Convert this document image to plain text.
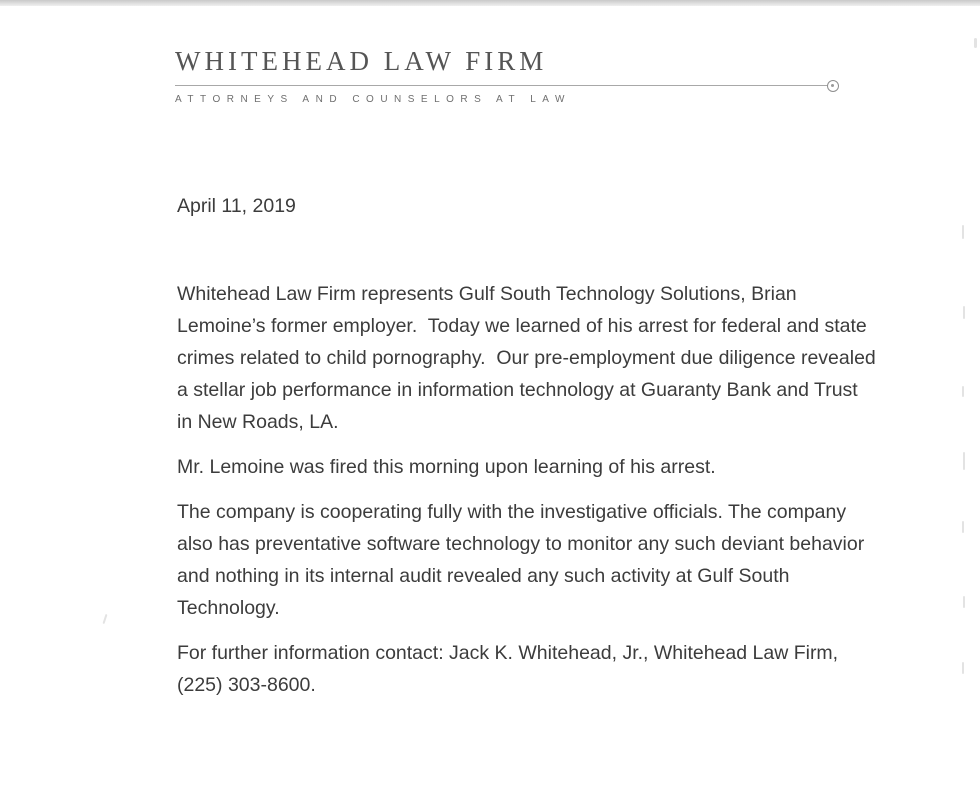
WHITEHEAD LAW FIRM
ATTORNEYS AND COUNSELORS AT LAW

April 11, 2019

Whitehead Law Firm represents Gulf South Technology Solutions, Brian Lemoine’s former employer.  Today we learned of his arrest for federal and state crimes related to child pornography.  Our pre-employment due diligence revealed a stellar job performance in information technology at Guaranty Bank and Trust in New Roads, LA.

Mr. Lemoine was fired this morning upon learning of his arrest.

The company is cooperating fully with the investigative officials. The company also has preventative software technology to monitor any such deviant behavior and nothing in its internal audit revealed any such activity at Gulf South Technology.

For further information contact: Jack K. Whitehead, Jr., Whitehead Law Firm, (225) 303-8600.
